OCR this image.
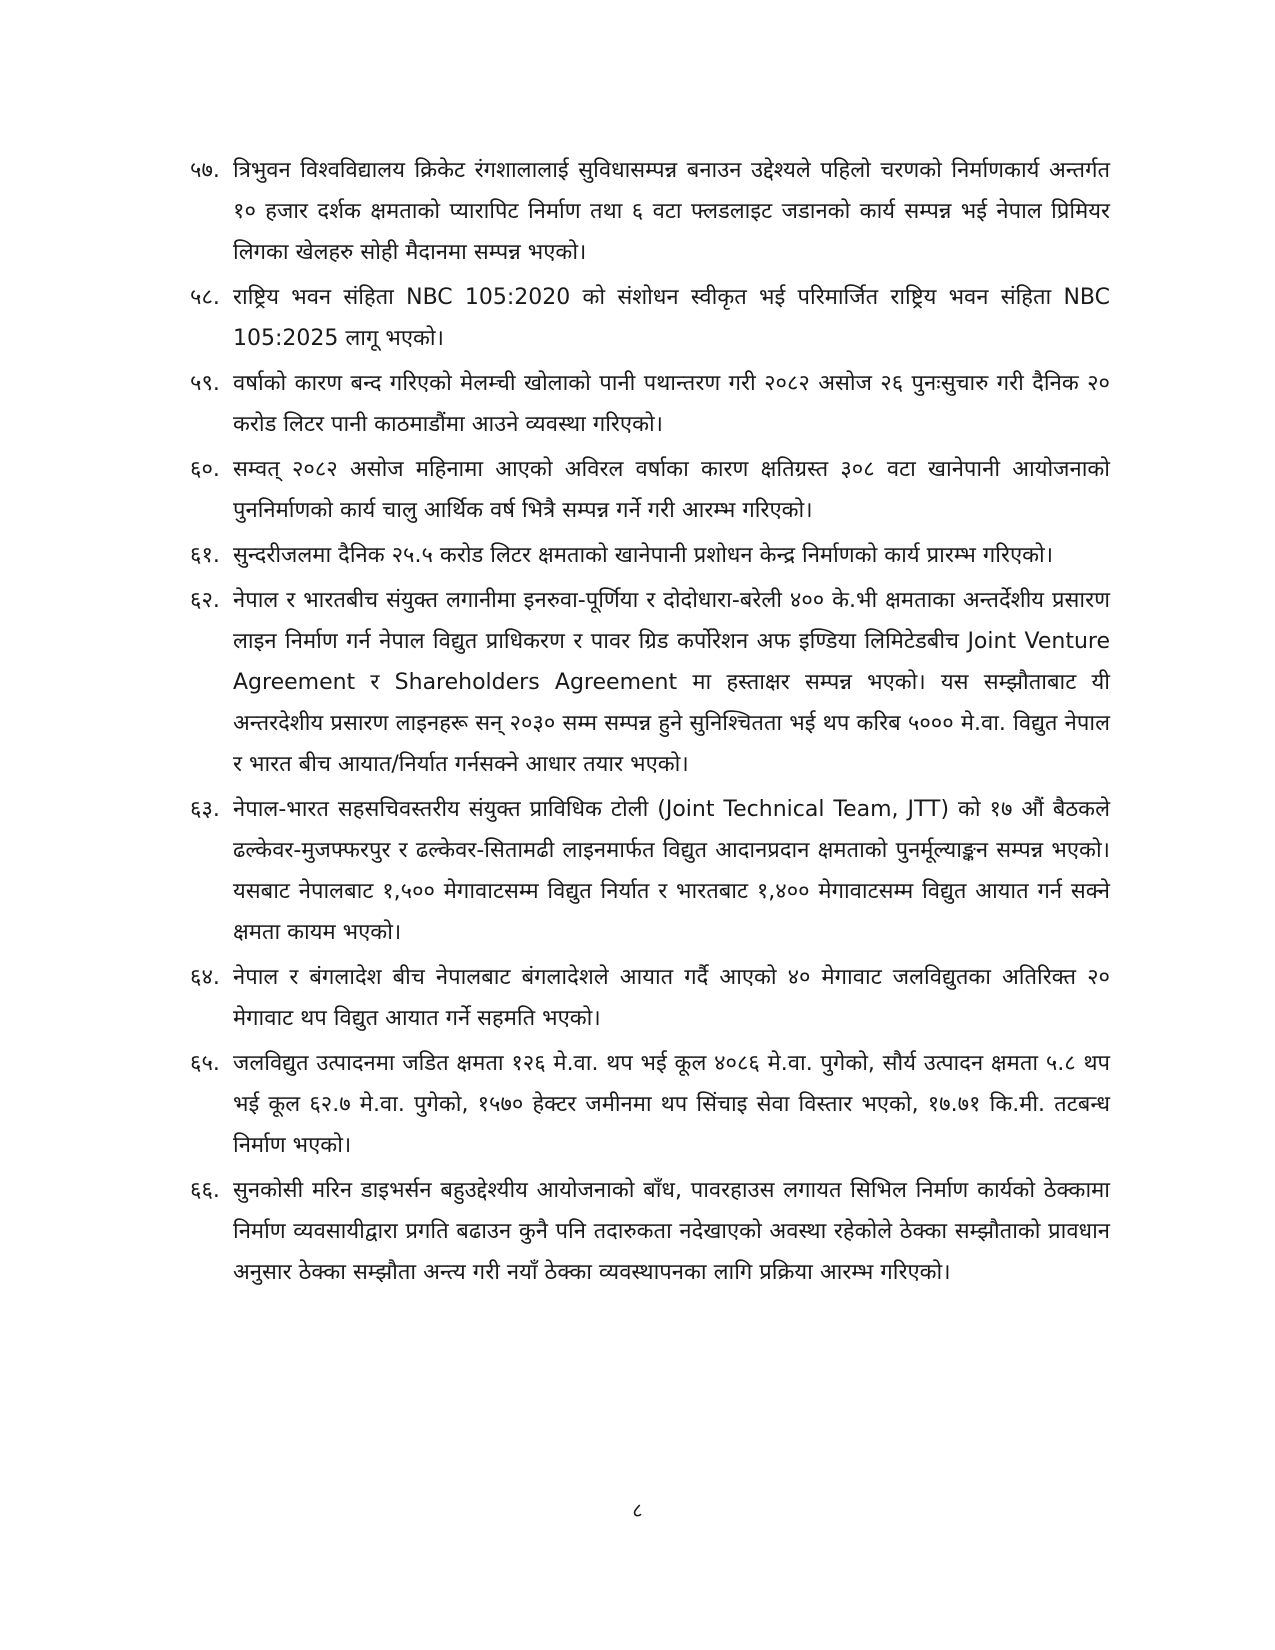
५७. त्रिभुवन विश्वविद्यालय क्रिकेट रंगशालालाई सुविधासम्पन्न बनाउन उद्देश्यले पहिलो चरणको निर्माणकार्य अन्तर्गत १० हजार दर्शक क्षमताको प्यारापिट निर्माण तथा ६ वटा फ्लडलाइट जडानको कार्य सम्पन्न भई नेपाल प्रिमियर लिगका खेलहरु सोही मैदानमा सम्पन्न भएको।

५८. राष्ट्रिय भवन संहिता NBC 105:2020 को संशोधन स्वीकृत भई परिमार्जित राष्ट्रिय भवन संहिता NBC 105:2025 लागू भएको।

५९. वर्षाको कारण बन्द गरिएको मेलम्ची खोलाको पानी पथान्तरण गरी २०८२ असोज २६ पुनःसुचारु गरी दैनिक २० करोड लिटर पानी काठमाडौंमा आउने व्यवस्था गरिएको।

६०. सम्वत् २०८२ असोज महिनामा आएको अविरल वर्षाका कारण क्षतिग्रस्त ३०८ वटा खानेपानी आयोजनाको पुननिर्माणको कार्य चालु आर्थिक वर्ष भित्रै सम्पन्न गर्ने गरी आरम्भ गरिएको।

६१. सुन्दरीजलमा दैनिक २५.५ करोड लिटर क्षमताको खानेपानी प्रशोधन केन्द्र निर्माणको कार्य प्रारम्भ गरिएको।

६२. नेपाल र भारतबीच संयुक्त लगानीमा इनरुवा-पूर्णिया र दोदोधारा-बरेली ४०० के.भी क्षमताका अन्तर्देशीय प्रसारण लाइन निर्माण गर्न नेपाल विद्युत प्राधिकरण र पावर ग्रिड कर्पोरेशन अफ इण्डिया लिमिटेडबीच Joint Venture Agreement र Shareholders Agreement मा हस्ताक्षर सम्पन्न भएको। यस सम्झौताबाट यी अन्तरदेशीय प्रसारण लाइनहरू सन् २०३० सम्म सम्पन्न हुने सुनिश्चितता भई थप करिब ५००० मे.वा. विद्युत नेपाल र भारत बीच आयात/निर्यात गर्नसक्ने आधार तयार भएको।

६३. नेपाल-भारत सहसचिवस्तरीय संयुक्त प्राविधिक टोली (Joint Technical Team, JTT) को १७ औं बैठकले ढल्केवर-मुजफ्फरपुर र ढल्केवर-सितामढी लाइनमार्फत विद्युत आदानप्रदान क्षमताको पुनर्मूल्याङ्कन सम्पन्न भएको। यसबाट नेपालबाट १,५०० मेगावाटसम्म विद्युत निर्यात र भारतबाट १,४०० मेगावाटसम्म विद्युत आयात गर्न सक्ने क्षमता कायम भएको।

६४. नेपाल र बंगलादेश बीच नेपालबाट बंगलादेशले आयात गर्दै आएको ४० मेगावाट जलविद्युतका अतिरिक्त २० मेगावाट थप विद्युत आयात गर्ने सहमति भएको।

६५. जलविद्युत उत्पादनमा जडित क्षमता १२६ मे.वा. थप भई कूल ४०८६ मे.वा. पुगेको, सौर्य उत्पादन क्षमता ५.८ थप भई कूल ६२.७ मे.वा. पुगेको, १५७० हेक्टर जमीनमा थप सिंचाइ सेवा विस्तार भएको, १७.७१ कि.मी. तटबन्ध निर्माण भएको।

६६. सुनकोसी मरिन डाइभर्सन बहुउद्देश्यीय आयोजनाको बाँध, पावरहाउस लगायत सिभिल निर्माण कार्यको ठेक्कामा निर्माण व्यवसायीद्वारा प्रगति बढाउन कुनै पनि तदारुकता नदेखाएको अवस्था रहेकोले ठेक्का सम्झौताको प्रावधान अनुसार ठेक्का सम्झौता अन्त्य गरी नयाँ ठेक्का व्यवस्थापनका लागि प्रक्रिया आरम्भ गरिएको।

८
